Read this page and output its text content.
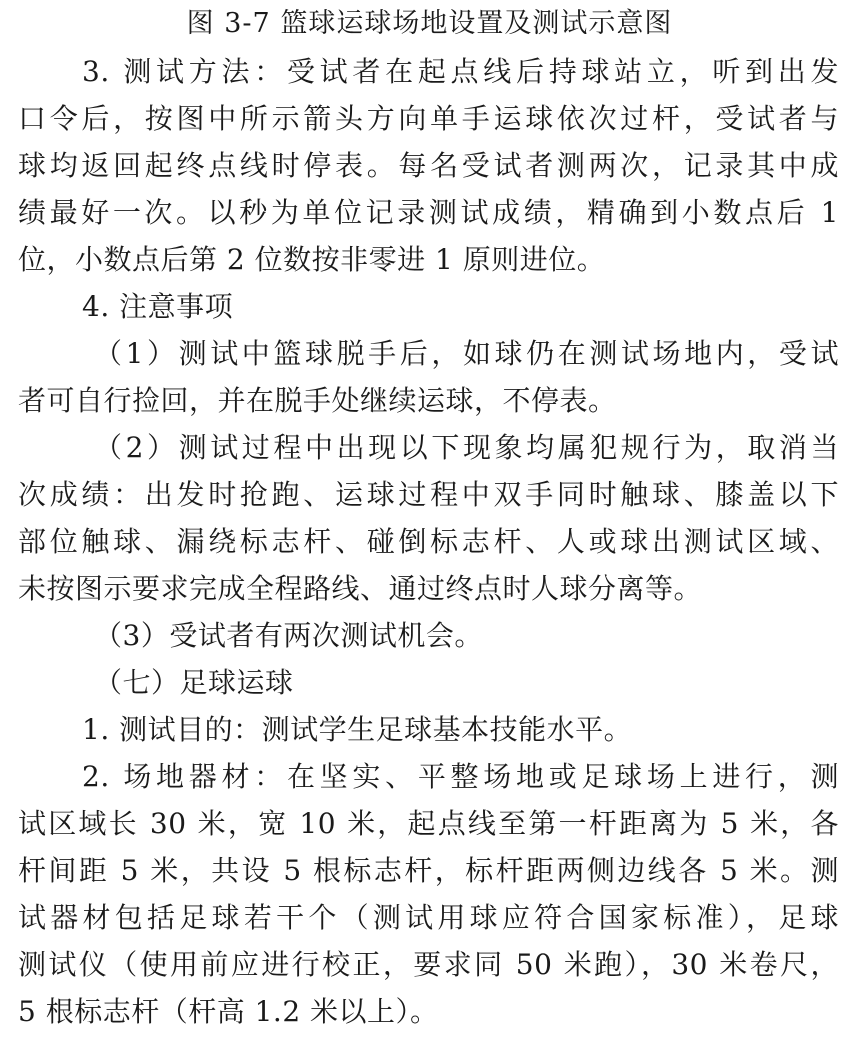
图 3-7 篮球运球场地设置及测试示意图
3. 测试方法：受试者在起点线后持球站立，听到出发
口令后，按图中所示箭头方向单手运球依次过杆，受试者与
球均返回起终点线时停表。每名受试者测两次，记录其中成
绩最好一次。以秒为单位记录测试成绩，精确到小数点后 1
位，小数点后第 2 位数按非零进 1 原则进位。
4. 注意事项
（1）测试中篮球脱手后，如球仍在测试场地内，受试
者可自行捡回，并在脱手处继续运球，不停表。
（2）测试过程中出现以下现象均属犯规行为，取消当
次成绩：出发时抢跑、运球过程中双手同时触球、膝盖以下
部位触球、漏绕标志杆、碰倒标志杆、人或球出测试区域、
未按图示要求完成全程路线、通过终点时人球分离等。
（3）受试者有两次测试机会。
（七）足球运球
1. 测试目的：测试学生足球基本技能水平。
2. 场地器材：在坚实、平整场地或足球场上进行，测
试区域长 30 米，宽 10 米，起点线至第一杆距离为 5 米，各
杆间距 5 米，共设 5 根标志杆，标杆距两侧边线各 5 米。测
试器材包括足球若干个（测试用球应符合国家标准），足球
测试仪（使用前应进行校正，要求同 50 米跑），30 米卷尺，
5 根标志杆（杆高 1.2 米以上）。
